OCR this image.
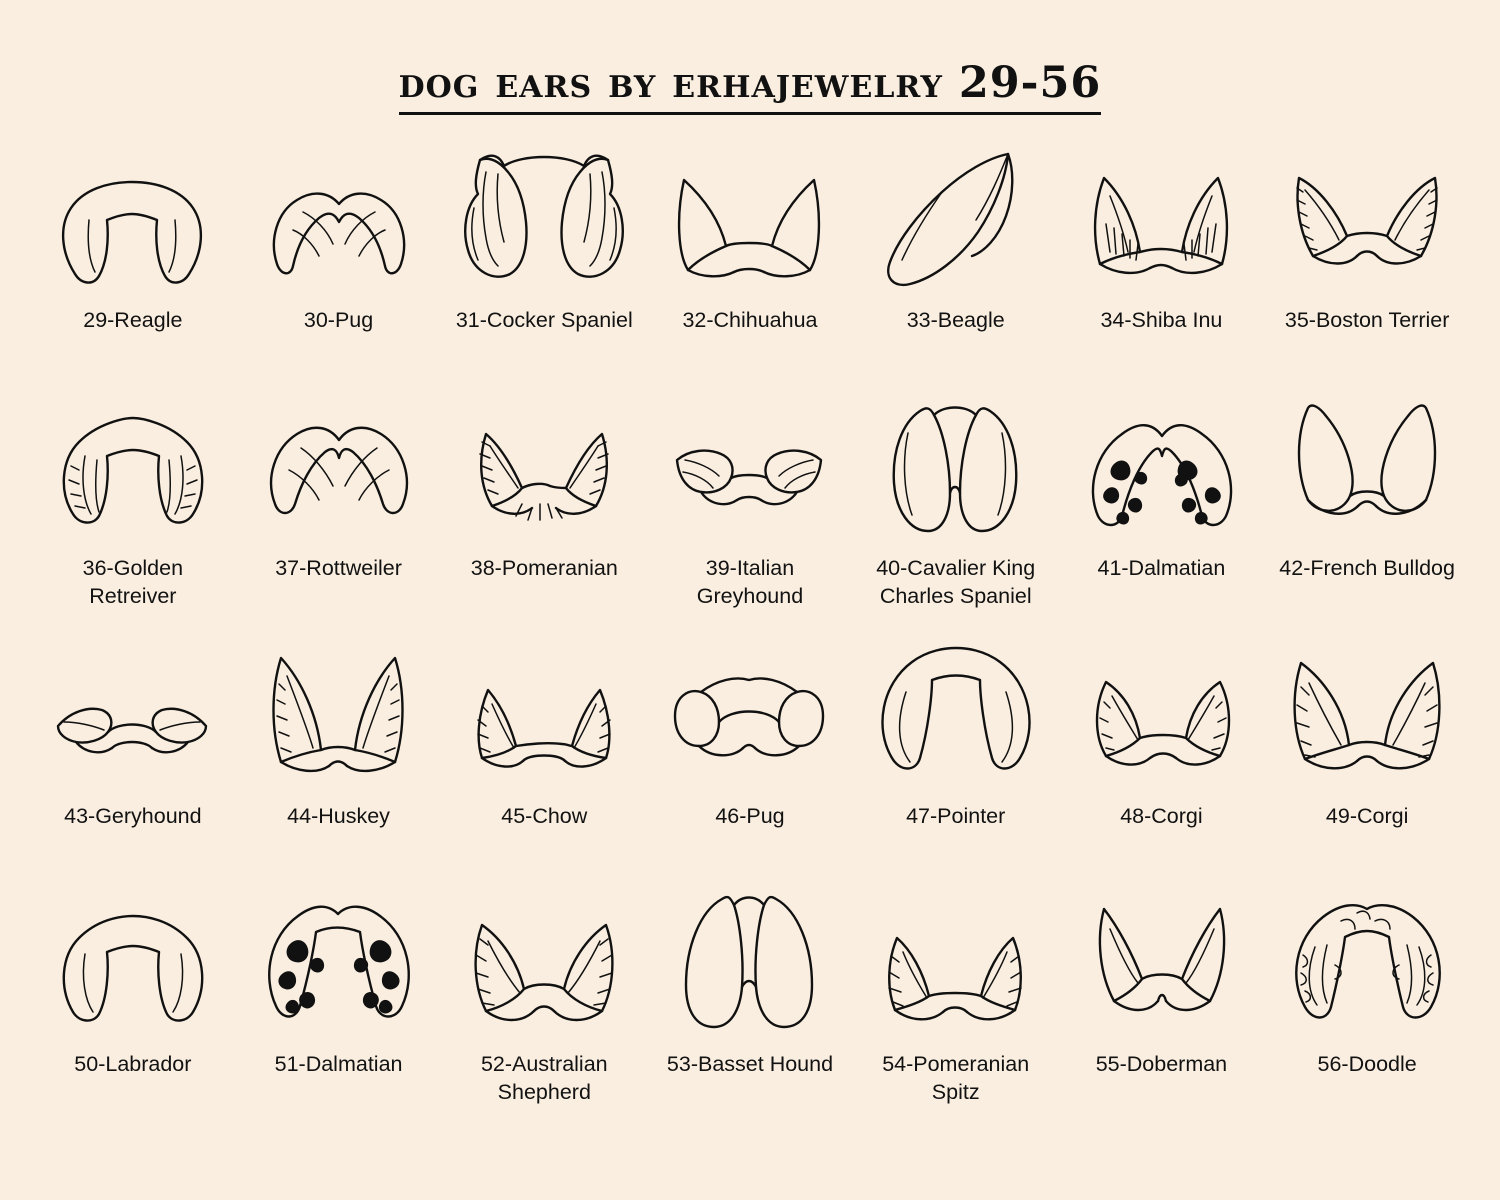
dog ears by erhajewelry 29-56
29-Reagle	30-Pug	31-Cocker Spaniel 32-Chihuahua	33-Beagle	34-Shiba Inu	35-Boston Terrier
36-Golden Retreiver
37-Rottweiler	38-Pomeranian	39-Italian Greyhound
40-Cavalier King Charles Spaniel
41-Dalmatian	42-French Bulldog
43-Geryhound	44-Huskey	45-Chow	46-Pug	47-Pointer	48-Corgi	49-Corgi
50-Labrador	51-Dalmatian	52-Australian Shepherd
53-Basset Hound	54-Pomeranian Spitz
55-Doberman	56-Doodle
